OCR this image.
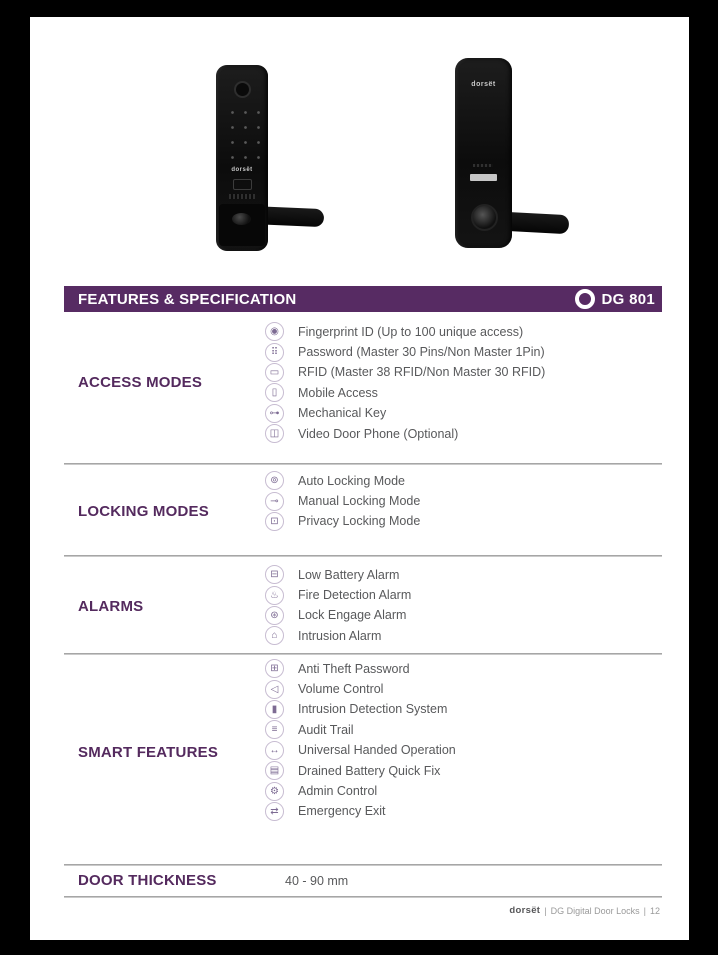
dorsët
dorsët
FEATURES & SPECIFICATION	DG 801
ACCESS MODES
◉	Fingerprint ID (Up to 100 unique access)
⠿	Password (Master 30 Pins/Non Master 1Pin)
▭	RFID (Master 38 RFID/Non Master 30 RFID)
▯	Mobile Access
⊶	Mechanical Key
◫	Video Door Phone (Optional)
LOCKING MODES
⊚	Auto Locking Mode
⊸	Manual Locking Mode
⊡	Privacy Locking Mode
ALARMS
⊟	Low Battery Alarm
♨	Fire Detection Alarm
⊛	Lock Engage Alarm
⌂	Intrusion Alarm
SMART FEATURES
⊞	Anti Theft Password
◁	Volume Control
▮	Intrusion Detection System
≡	Audit Trail
↔	Universal Handed Operation
▤	Drained Battery Quick Fix
⚙	Admin Control
⇄	Emergency Exit
DOOR THICKNESS	40 - 90 mm
dorsët | DG Digital Door Locks | 12
